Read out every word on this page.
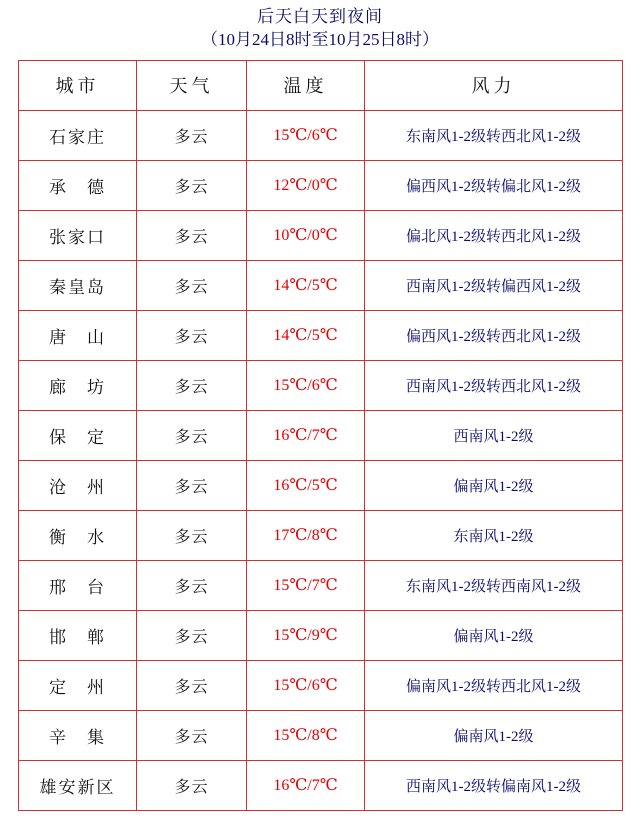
后天白天到夜间
（10月24日8时至10月25日8时）
城市	天气	温度	风力
石家庄	多云	15℃/6℃	东南风1-2级转西北风1-2级
承　德	多云	12℃/0℃	偏西风1-2级转偏北风1-2级
张家口	多云	10℃/0℃	偏北风1-2级转西北风1-2级
秦皇岛	多云	14℃/5℃	西南风1-2级转偏西风1-2级
唐　山	多云	14℃/5℃	偏西风1-2级转西北风1-2级
廊　坊	多云	15℃/6℃	西南风1-2级转西北风1-2级
保　定	多云	16℃/7℃	西南风1-2级
沧　州	多云	16℃/5℃	偏南风1-2级
衡　水	多云	17℃/8℃	东南风1-2级
邢　台	多云	15℃/7℃	东南风1-2级转西南风1-2级
邯　郸	多云	15℃/9℃	偏南风1-2级
定　州	多云	15℃/6℃	偏南风1-2级转西北风1-2级
辛　集	多云	15℃/8℃	偏南风1-2级
雄安新区	多云	16℃/7℃	西南风1-2级转偏南风1-2级
